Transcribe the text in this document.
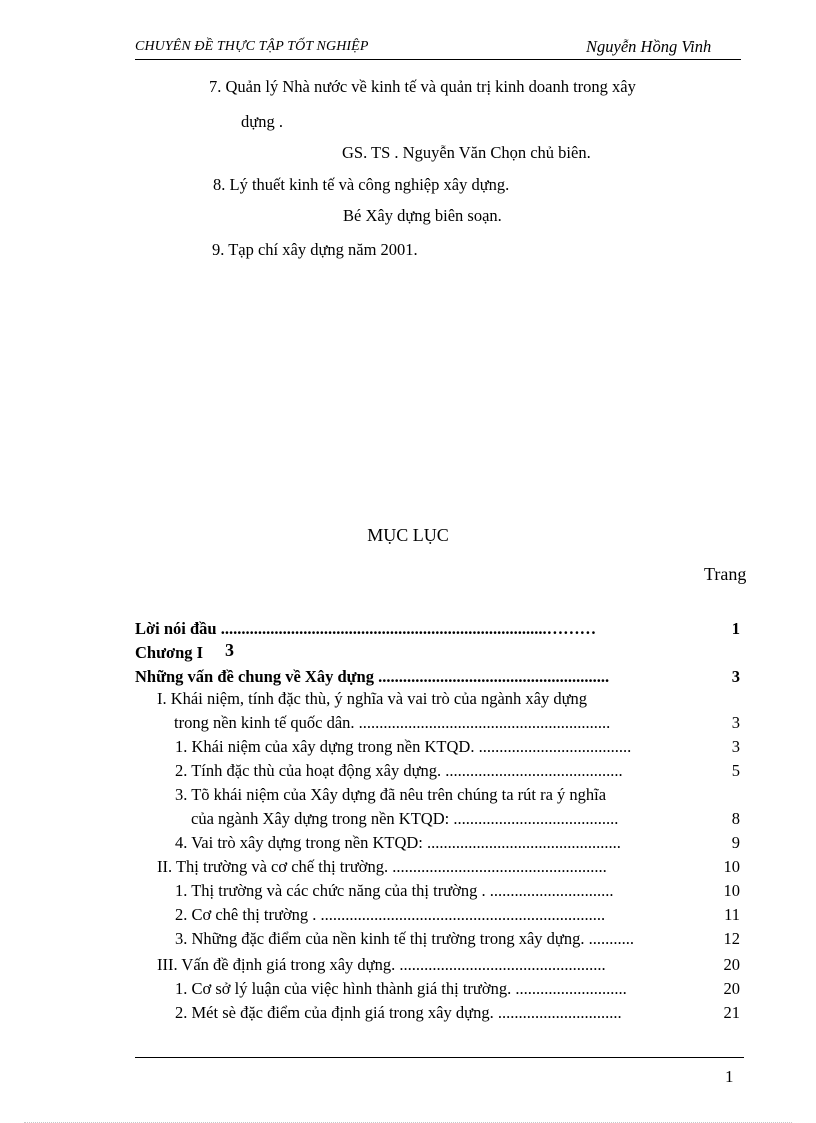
CHUYÊN ĐỀ THỰC TẬP TỐT NGHIỆP	Nguyễn Hồng Vinh
7. Quản lý Nhà nước về kinh tế và quản trị kinh doanh trong xây
dựng .
GS. TS . Nguyễn Văn Chọn chủ biên.
8. Lý thuết kinh tế và công nghiệp xây dựng.
Bé Xây dựng biên soạn.
9. Tạp chí xây dựng năm 2001.
MỤC LỤC
Trang
Lời nói đầu ...............................................................................………	1
Chương I 3
Những vấn đề chung về Xây dựng ........................................................	3
I. Khái niệm, tính đặc thù, ý nghĩa và vai trò của ngành xây dựng
trong nền kinh tế quốc dân. .............................................................	3
1. Khái niệm của xây dựng trong nền KTQD. .....................................	3
2. Tính đặc thù của hoạt động xây dựng. ...........................................	5
3. Tõ khái niệm của Xây dựng đã nêu trên chúng ta rút ra ý nghĩa
của ngành Xây dựng trong nền KTQD: ........................................	8
4. Vai trò xây dựng trong nền KTQD: ...............................................	9
II. Thị trường và cơ chế thị trường. ....................................................	10
1. Thị trường và các chức năng của thị trường . ..............................	10
2. Cơ chê thị trường . .....................................................................	11
3. Những đặc điểm của nền kinh tế thị trường trong xây dựng. ...........	12
III. Vấn đề định giá trong xây dựng. ..................................................	20
1. Cơ sở lý luận của việc hình thành giá thị trường. ...........................	20
2. Mét sè đặc điểm của định giá trong xây dựng. ..............................	21
1
